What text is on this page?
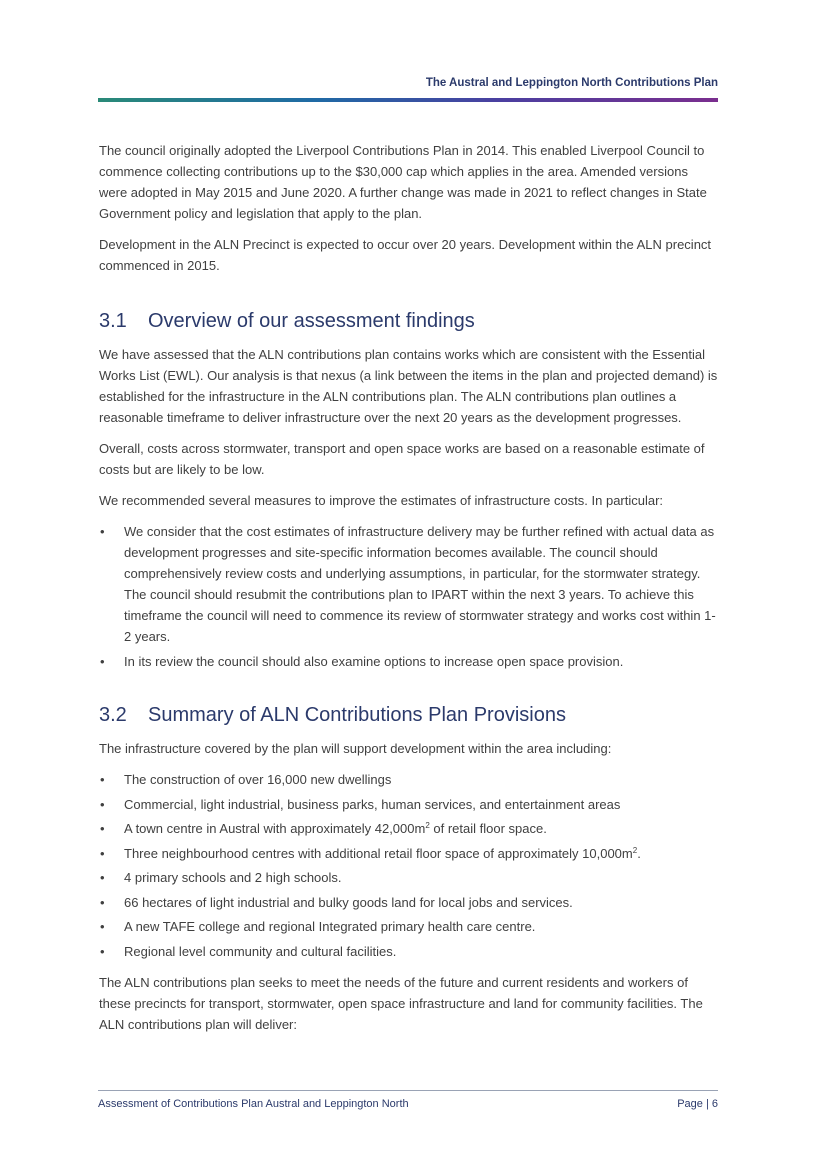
The Austral and Leppington North Contributions Plan

The council originally adopted the Liverpool Contributions Plan in 2014. This enabled Liverpool Council to commence collecting contributions up to the $30,000 cap which applies in the area. Amended versions were adopted in May 2015 and June 2020. A further change was made in 2021 to reflect changes in State Government policy and legislation that apply to the plan.

Development in the ALN Precinct is expected to occur over 20 years. Development within the ALN precinct commenced in 2015.

3.1 Overview of our assessment findings

We have assessed that the ALN contributions plan contains works which are consistent with the Essential Works List (EWL). Our analysis is that nexus (a link between the items in the plan and projected demand) is established for the infrastructure in the ALN contributions plan. The ALN contributions plan outlines a reasonable timeframe to deliver infrastructure over the next 20 years as the development progresses.

Overall, costs across stormwater, transport and open space works are based on a reasonable estimate of costs but are likely to be low.

We recommended several measures to improve the estimates of infrastructure costs. In particular:

• We consider that the cost estimates of infrastructure delivery may be further refined with actual data as development progresses and site-specific information becomes available. The council should comprehensively review costs and underlying assumptions, in particular, for the stormwater strategy. The council should resubmit the contributions plan to IPART within the next 3 years. To achieve this timeframe the council will need to commence its review of stormwater strategy and works cost within 1-2 years.
• In its review the council should also examine options to increase open space provision.
3.2 Summary of ALN Contributions Plan Provisions

The infrastructure covered by the plan will support development within the area including:

• The construction of over 16,000 new dwellings
• Commercial, light industrial, business parks, human services, and entertainment areas
• A town centre in Austral with approximately $42,000m^2$ of retail floor space.
• Three neighbourhood centres with additional retail floor space of approximately $10,000m^2$.
• 4 primary schools and 2 high schools.
• 66 hectares of light industrial and bulky goods land for local jobs and services.
• A new TAFE college and regional Integrated primary health care centre.
• Regional level community and cultural facilities.

The ALN contributions plan seeks to meet the needs of the future and current residents and workers of these precincts for transport, stormwater, open space infrastructure and land for community facilities. The ALN contributions plan will deliver:

Assessment of Contributions Plan Austral and Leppington North	Page | 6
